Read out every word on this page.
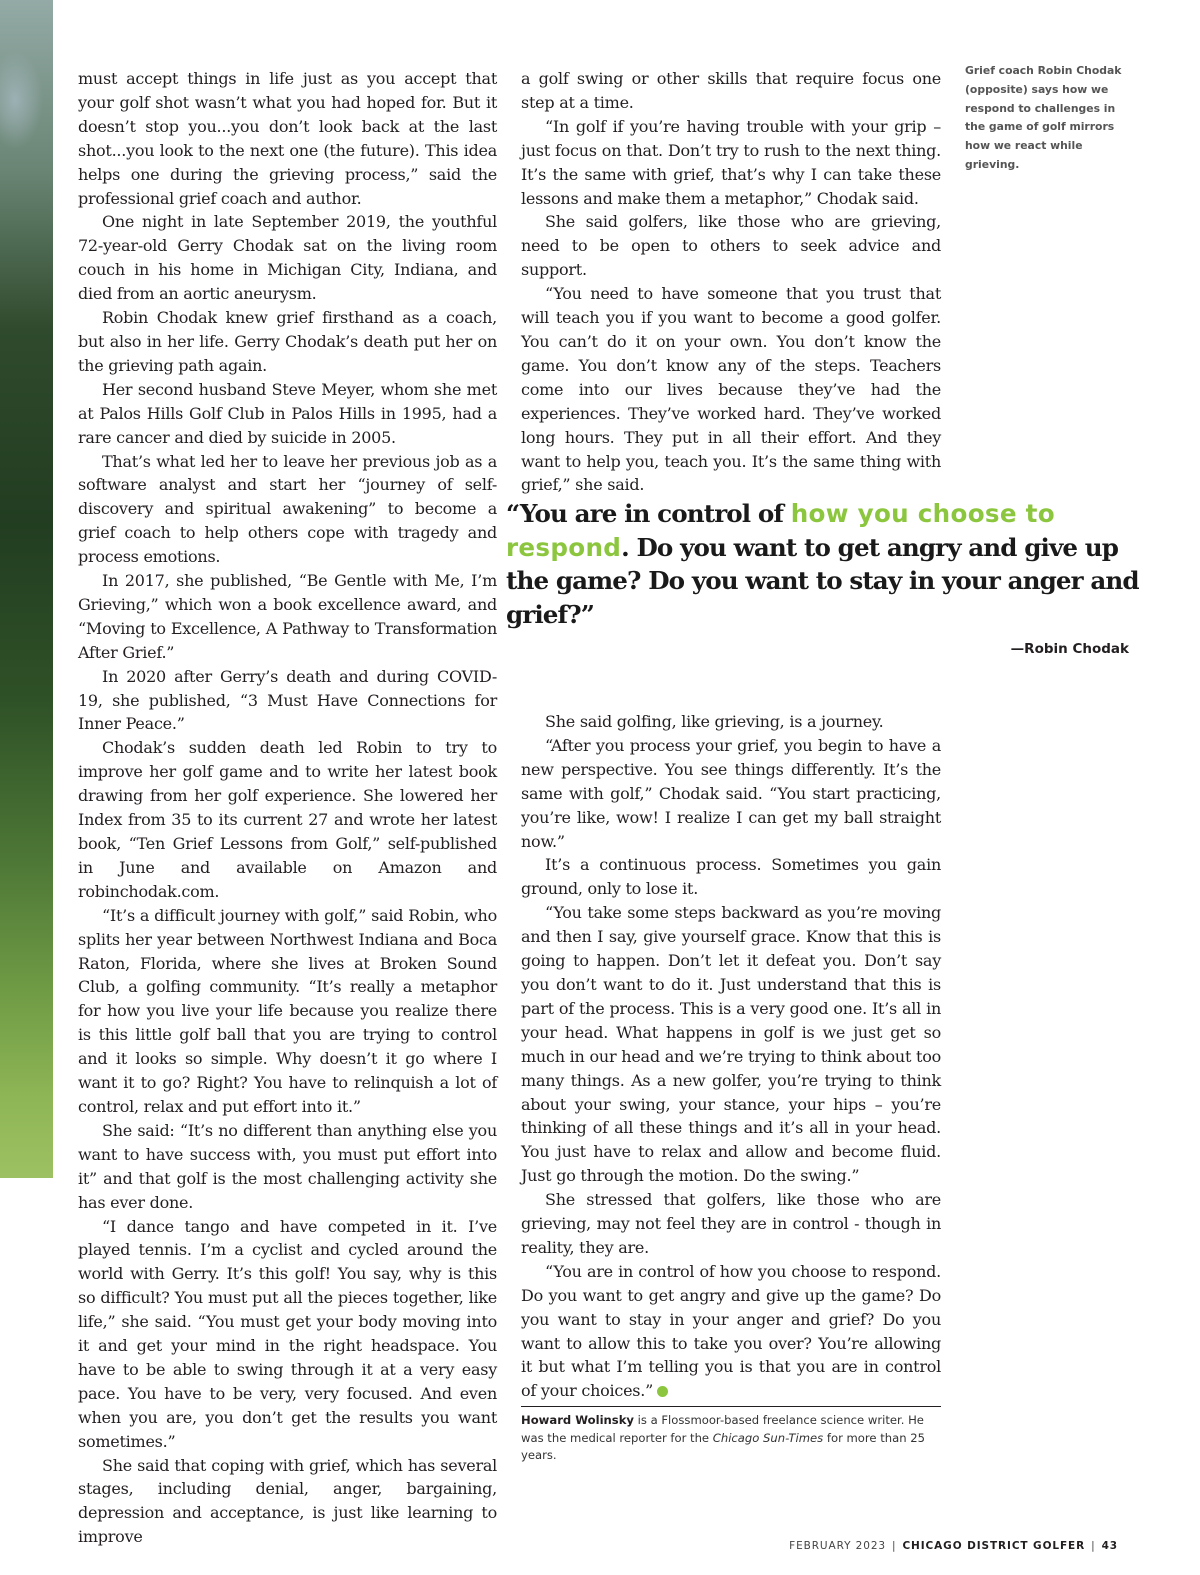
must accept things in life just as you accept that your golf shot wasn’t what you had hoped for. But it doesn’t stop you...you don’t look back at the last shot...you look to the next one (the future). This idea helps one during the grieving process,” said the professional grief coach and author.

One night in late September 2019, the youthful 72-year-old Gerry Chodak sat on the living room couch in his home in Michigan City, Indiana, and died from an aortic aneurysm.

Robin Chodak knew grief firsthand as a coach, but also in her life. Gerry Chodak’s death put her on the grieving path again.

Her second husband Steve Meyer, whom she met at Palos Hills Golf Club in Palos Hills in 1995, had a rare cancer and died by suicide in 2005.

That’s what led her to leave her previous job as a software analyst and start her “journey of self-discovery and spiritual awakening” to become a grief coach to help others cope with tragedy and process emotions.

In 2017, she published, “Be Gentle with Me, I’m Grieving,” which won a book excellence award, and “Moving to Excellence, A Pathway to Transformation After Grief.”

In 2020 after Gerry’s death and during COVID-19, she published, “3 Must Have Connections for Inner Peace.”

Chodak’s sudden death led Robin to try to improve her golf game and to write her latest book drawing from her golf experience. She lowered her Index from 35 to its current 27 and wrote her latest book, “Ten Grief Lessons from Golf,” self-published in June and available on Amazon and robinchodak.com.

“It’s a difficult journey with golf,” said Robin, who splits her year between Northwest Indiana and Boca Raton, Florida, where she lives at Broken Sound Club, a golfing community. “It’s really a metaphor for how you live your life because you realize there is this little golf ball that you are trying to control and it looks so simple. Why doesn’t it go where I want it to go? Right? You have to relinquish a lot of control, relax and put effort into it.”

She said: “It’s no different than anything else you want to have success with, you must put effort into it” and that golf is the most challenging activity she has ever done.

“I dance tango and have competed in it. I’ve played tennis. I’m a cyclist and cycled around the world with Gerry. It’s this golf! You say, why is this so difficult? You must put all the pieces together, like life,” she said. “You must get your body moving into it and get your mind in the right headspace. You have to be able to swing through it at a very easy pace. You have to be very, very focused. And even when you are, you don’t get the results you want sometimes.”

She said that coping with grief, which has several stages, including denial, anger, bargaining, depression and acceptance, is just like learning to improve

a golf swing or other skills that require focus one step at a time.

“In golf if you’re having trouble with your grip – just focus on that. Don’t try to rush to the next thing. It’s the same with grief, that’s why I can take these lessons and make them a metaphor,” Chodak said.

She said golfers, like those who are grieving, need to be open to others to seek advice and support.

“You need to have someone that you trust that will teach you if you want to become a good golfer. You can’t do it on your own. You don’t know the game. You don’t know any of the steps. Teachers come into our lives because they’ve had the experiences. They’ve worked hard. They’ve worked long hours. They put in all their effort. And they want to help you, teach you. It’s the same thing with grief,” she said.

Grief coach Robin Chodak (opposite) says how we respond to challenges in the game of golf mirrors how we react while grieving.
“You are in control of how you choose to respond. Do you want to get angry and give up the game? Do you want to stay in your anger and grief?”
—Robin Chodak

She said golfing, like grieving, is a journey.

“After you process your grief, you begin to have a new perspective. You see things differently. It’s the same with golf,” Chodak said. “You start practicing, you’re like, wow! I realize I can get my ball straight now.”

It’s a continuous process. Sometimes you gain ground, only to lose it.

“You take some steps backward as you’re moving and then I say, give yourself grace. Know that this is going to happen. Don’t let it defeat you. Don’t say you don’t want to do it. Just understand that this is part of the process. This is a very good one. It’s all in your head. What happens in golf is we just get so much in our head and we’re trying to think about too many things. As a new golfer, you’re trying to think about your swing, your stance, your hips – you’re thinking of all these things and it’s all in your head. You just have to relax and allow and become fluid. Just go through the motion. Do the swing.”

She stressed that golfers, like those who are grieving, may not feel they are in control - though in reality, they are.

“You are in control of how you choose to respond. Do you want to get angry and give up the game? Do you want to stay in your anger and grief? Do you want to allow this to take you over? You’re allowing it but what I’m telling you is that you are in control of your choices.”

Howard Wolinsky is a Flossmoor-based freelance science writer. He was the medical reporter for the Chicago Sun-Times for more than 25 years.
FEBRUARY 2023 | CHICAGO DISTRICT GOLFER | 43
